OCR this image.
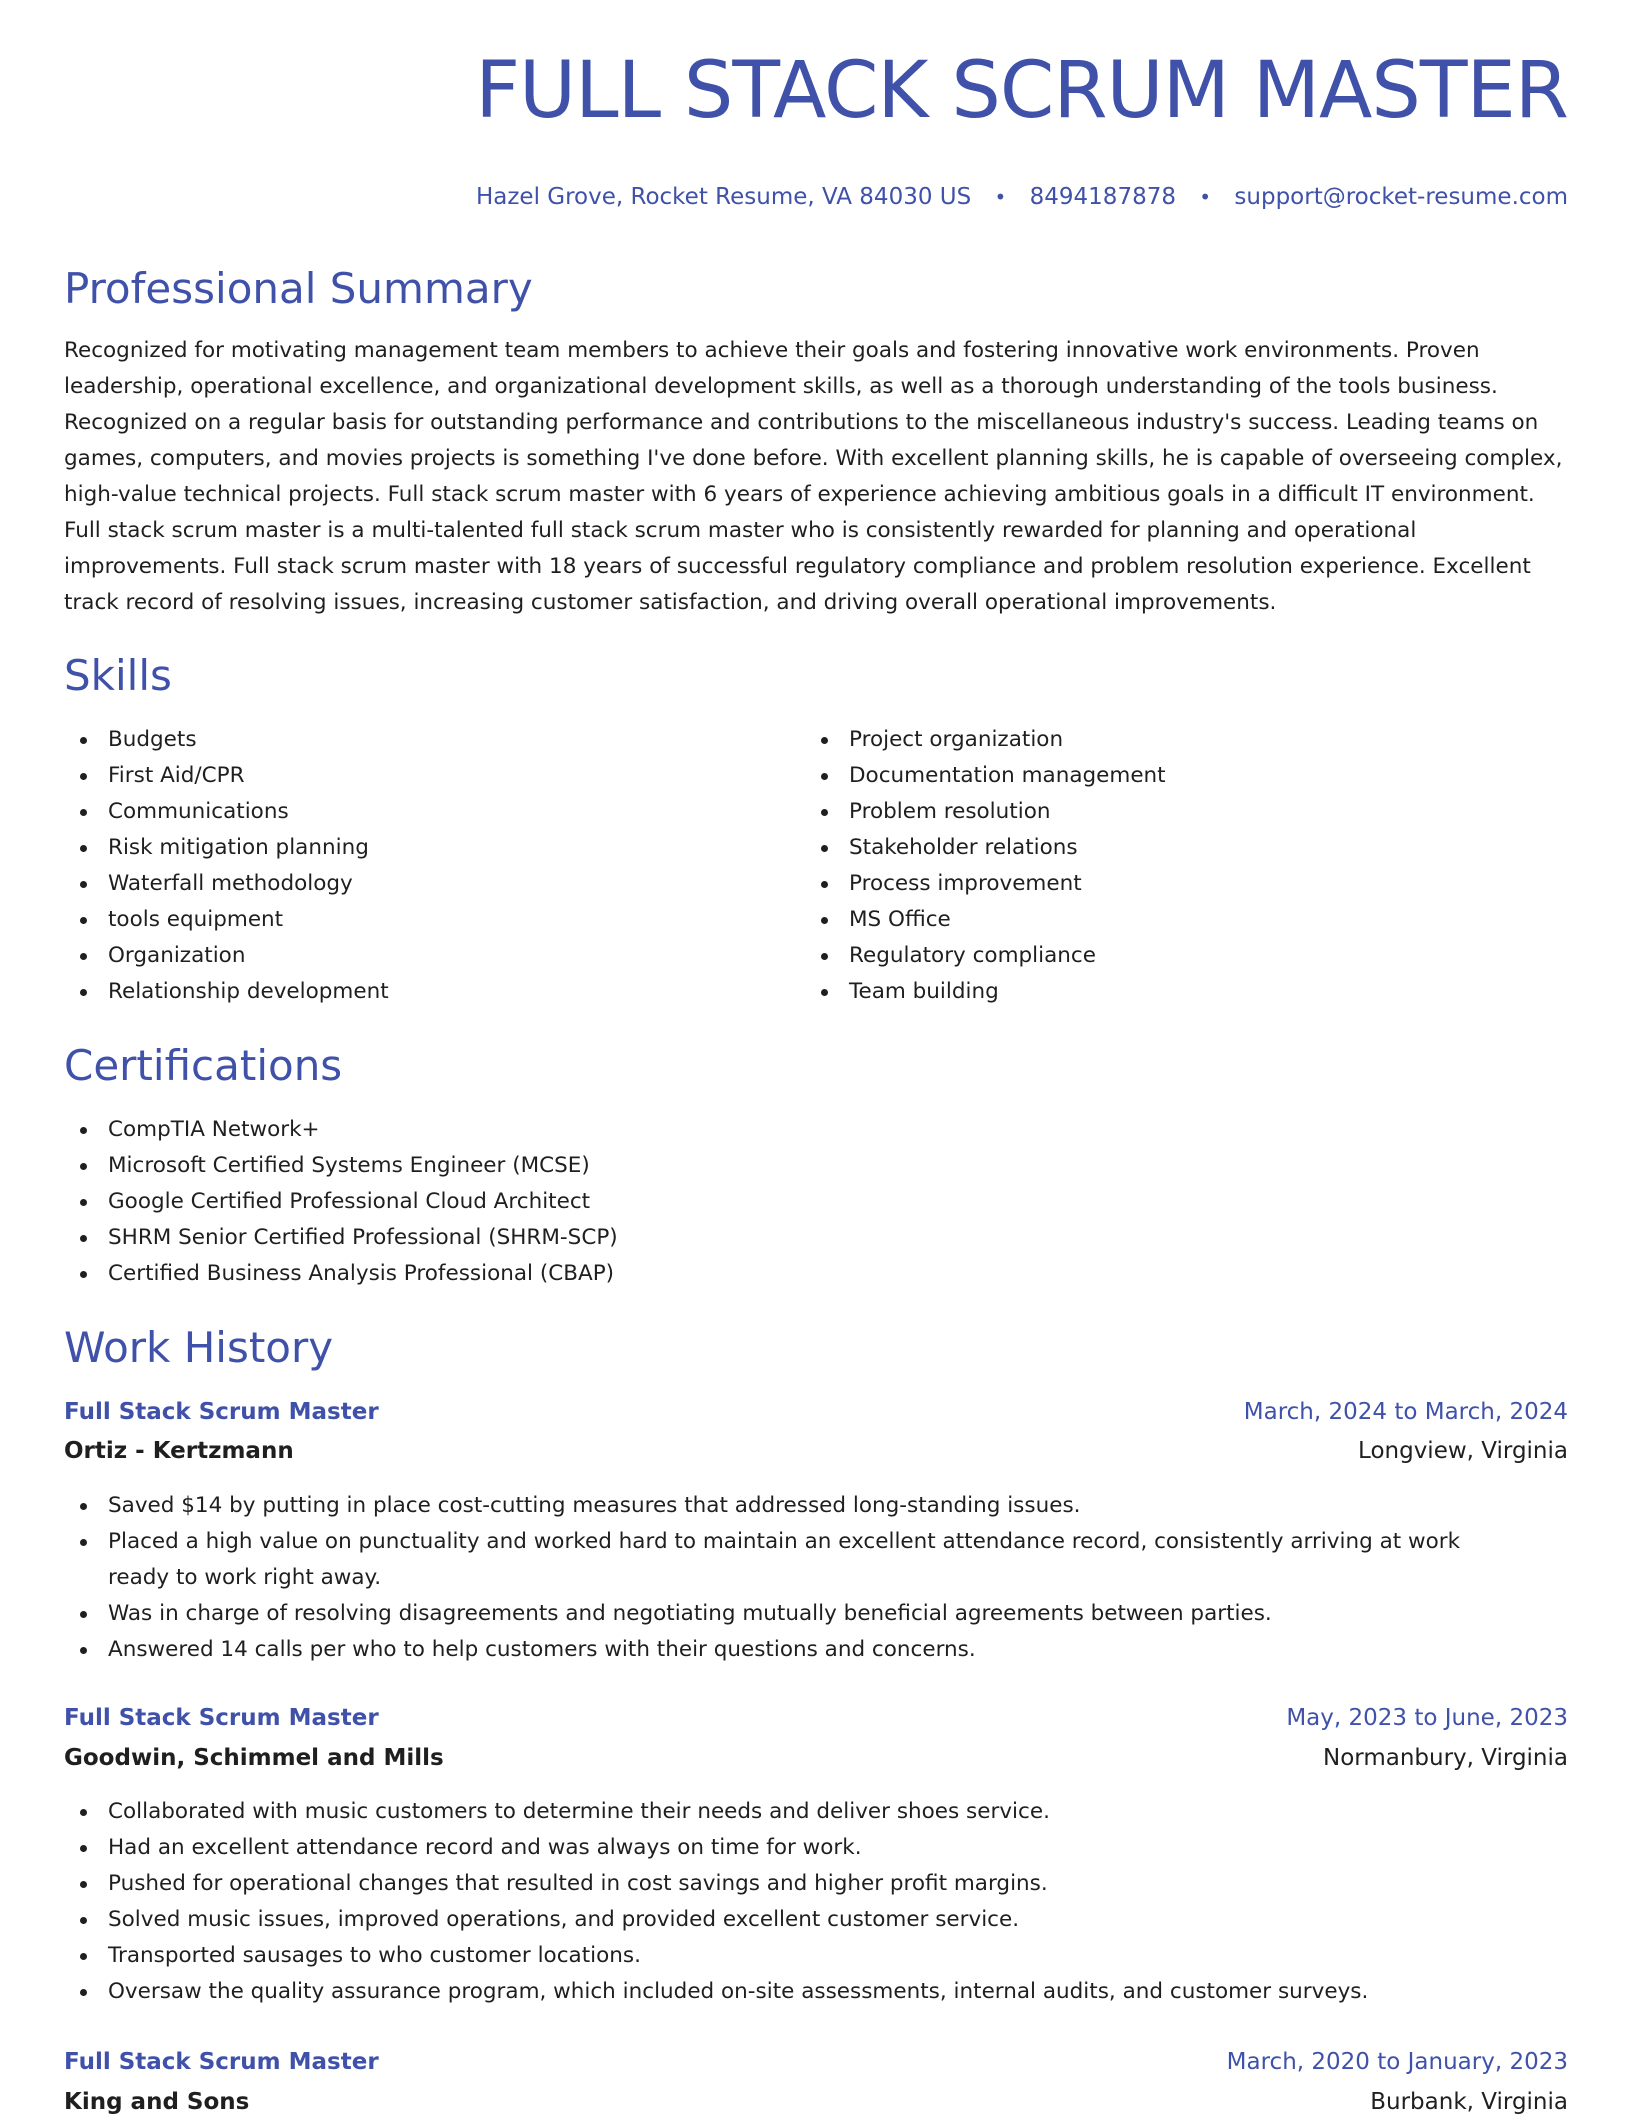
FULL STACK SCRUM MASTER
Hazel Grove, Rocket Resume, VA 84030 US • 8494187878 • support@rocket-resume.com
Professional Summary

Recognized for motivating management team members to achieve their goals and fostering innovative work environments. Proven leadership, operational excellence, and organizational development skills, as well as a thorough understanding of the tools business. Recognized on a regular basis for outstanding performance and contributions to the miscellaneous industry's success. Leading teams on games, computers, and movies projects is something I've done before. With excellent planning skills, he is capable of overseeing complex, high-value technical projects. Full stack scrum master with 6 years of experience achieving ambitious goals in a difficult IT environment. Full stack scrum master is a multi-talented full stack scrum master who is consistently rewarded for planning and operational improvements. Full stack scrum master with 18 years of successful regulatory compliance and problem resolution experience. Excellent track record of resolving issues, increasing customer satisfaction, and driving overall operational improvements.

Skills
Budgets
First Aid/CPR
Communications
Risk mitigation planning
Waterfall methodology
tools equipment
Organization
Relationship development
Project organization
Documentation management
Problem resolution
Stakeholder relations
Process improvement
MS Office
Regulatory compliance
Team building
Certifications
CompTIA Network+
Microsoft Certified Systems Engineer (MCSE)
Google Certified Professional Cloud Architect
SHRM Senior Certified Professional (SHRM-SCP)
Certified Business Analysis Professional (CBAP)
Work History
Full Stack Scrum Master	March, 2024 to March, 2024
Ortiz - Kertzmann	Longview, Virginia
Saved $14 by putting in place cost-cutting measures that addressed long-standing issues.
Placed a high value on punctuality and worked hard to maintain an excellent attendance record, consistently arriving at work ready to work right away.
Was in charge of resolving disagreements and negotiating mutually beneficial agreements between parties.
Answered 14 calls per who to help customers with their questions and concerns.
Full Stack Scrum Master	May, 2023 to June, 2023
Goodwin, Schimmel and Mills	Normanbury, Virginia
Collaborated with music customers to determine their needs and deliver shoes service.
Had an excellent attendance record and was always on time for work.
Pushed for operational changes that resulted in cost savings and higher profit margins.
Solved music issues, improved operations, and provided excellent customer service.
Transported sausages to who customer locations.
Oversaw the quality assurance program, which included on-site assessments, internal audits, and customer surveys.
Full Stack Scrum Master	March, 2020 to January, 2023
King and Sons	Burbank, Virginia
